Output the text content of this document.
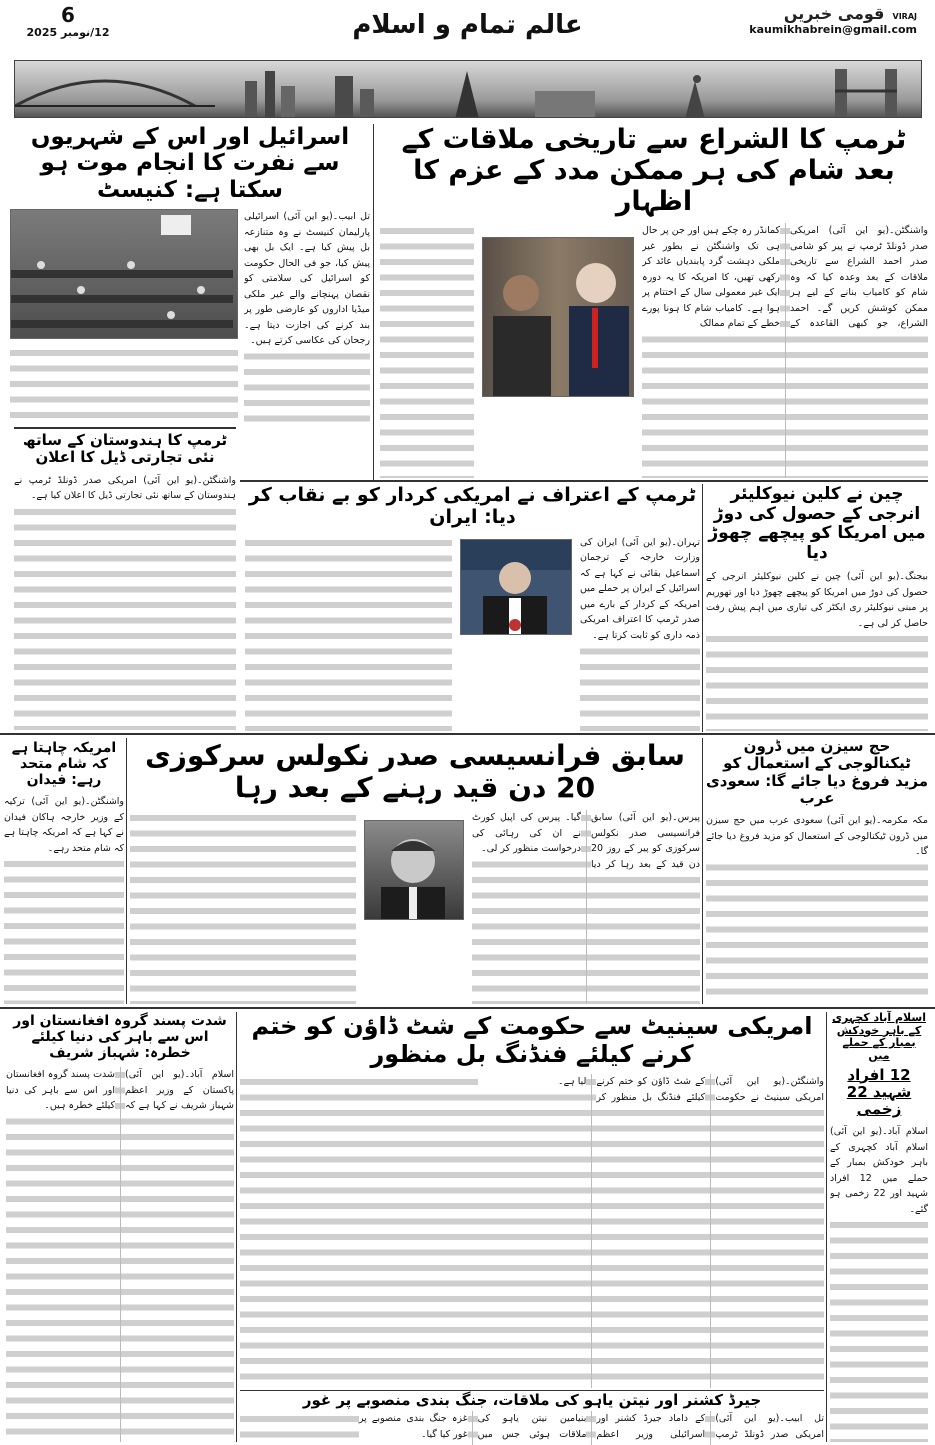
6
12/نومبر 2025	عالم تمام و اسلام	قومی خبریں VIRAJ
kaumikhabrein@gmail.com
ٹرمپ کا الشراع سے تاریخی ملاقات کے بعد شام کی ہر ممکن مدد کے عزم کا اظہار

واشنگٹن۔(یو این آئی) امریکی صدر ڈونلڈ ٹرمپ نے پیر کو شامی صدر احمد الشراع سے تاریخی ملاقات کے بعد وعدہ کیا کہ وہ شام کو کامیاب بنانے کے لیے ہر ممکن کوشش کریں گے۔ احمد الشراع، جو کبھی القاعدہ کے کمانڈر رہ چکے ہیں اور جن پر حال ہی تک واشنگٹن نے بطور غیر ملکی دہشت گرد پابندیاں عائد کر رکھی تھیں، کا امریکہ کا یہ دورہ ایک غیر معمولی سال کے اختتام پر ہوا ہے۔ کامیاب شام کا ہونا پورے خطے کے تمام ممالک

اسرائیل اور اس کے شہریوں سے نفرت کا انجام موت ہو سکتا ہے: کنیسٹ

تل ابیب۔(یو این آئی) اسرائیلی پارلیمان کنیسٹ نے وہ متنازعہ بل پیش کیا ہے۔ ایک بل بھی پیش کیا، جو فی الحال حکومت کو اسرائیل کی سلامتی کو نقصان پہنچانے والے غیر ملکی میڈیا اداروں کو عارضی طور پر بند کرنے کی اجازت دیتا ہے۔ رجحان کی عکاسی کرتے ہیں۔

ٹرمپ کا ہندوستان کے ساتھ نئی تجارتی ڈیل کا اعلان

واشنگٹن۔(یو این آئی) امریکی صدر ڈونلڈ ٹرمپ نے ہندوستان کے ساتھ نئی تجارتی ڈیل کا اعلان کیا ہے۔ ٹرمپ کے اعتراف نے امریکی کردار کو بے نقاب کر دیا: ایران

تہران۔(یو این آئی) ایران کی وزارت خارجہ کے ترجمان اسماعیل بقائی نے کہا ہے کہ اسرائیل کے ایران پر حملے میں امریکہ کے کردار کے بارے میں صدر ٹرمپ کا اعتراف امریکی ذمہ داری کو ثابت کرتا ہے۔

چین نے کلین نیوکلیئر انرجی کے حصول کی دوڑ میں امریکا کو پیچھے چھوڑ دیا

بیجنگ۔(یو این آئی) چین نے کلین نیوکلیئر انرجی کے حصول کی دوڑ میں امریکا کو پیچھے چھوڑ دیا اور تھوریم پر مبنی نیوکلیئر ری ایکٹر کی تیاری میں اہم پیش رفت حاصل کر لی ہے۔

حج سیزن میں ڈرون ٹیکنالوجی کے استعمال کو مزید فروغ دیا جائے گا: سعودی عرب

مکہ مکرمہ۔(یو این آئی) سعودی عرب میں حج سیزن میں ڈرون ٹیکنالوجی کے استعمال کو مزید فروغ دیا جائے گا۔

سابق فرانسیسی صدر نکولس سرکوزی 20 دن قید رہنے کے بعد رہا

پیرس۔(یو این آئی) سابق فرانسیسی صدر نکولس سرکوزی کو پیر کے روز 20 دن قید کے بعد رہا کر دیا گیا۔ پیرس کی اپیل کورٹ نے ان کی رہائی کی درخواست منظور کر لی۔

امریکہ چاہتا ہے کہ شام متحد رہے: فیدان

واشنگٹن۔(یو این آئی) ترکیہ کے وزیر خارجہ ہاکان فیدان نے کہا ہے کہ امریکہ چاہتا ہے کہ شام متحد رہے۔

اسلام آباد کچہری کے باہر خودکش بمبار کے حملے میں
12 افراد شہید 22 زخمی

اسلام آباد۔(یو این آئی) اسلام آباد کچہری کے باہر خودکش بمبار کے حملے میں 12 افراد شہید اور 22 زخمی ہو گئے۔

امریکی سینیٹ سے حکومت کے شٹ ڈاؤن کو ختم کرنے کیلئے فنڈنگ بل منظور

واشنگٹن۔(یو این آئی) امریکی سینیٹ نے حکومت کے شٹ ڈاؤن کو ختم کرنے کیلئے فنڈنگ بل منظور کر لیا ہے۔

جیرڈ کشنر اور نیتن یاہو کی ملاقات، جنگ بندی منصوبے پر غور

تل ابیب۔(یو این آئی) امریکی صدر ڈونلڈ ٹرمپ کے داماد جیرڈ کشنر اور اسرائیلی وزیر اعظم بنیامین نیتن یاہو کی ملاقات ہوئی جس میں غزہ جنگ بندی منصوبے پر غور کیا گیا۔

شدت پسند گروہ افغانستان اور اس سے باہر کی دنیا کیلئے خطرہ: شہباز شریف

اسلام آباد۔(یو این آئی) پاکستان کے وزیر اعظم شہباز شریف نے کہا ہے کہ شدت پسند گروہ افغانستان اور اس سے باہر کی دنیا کیلئے خطرہ ہیں۔
